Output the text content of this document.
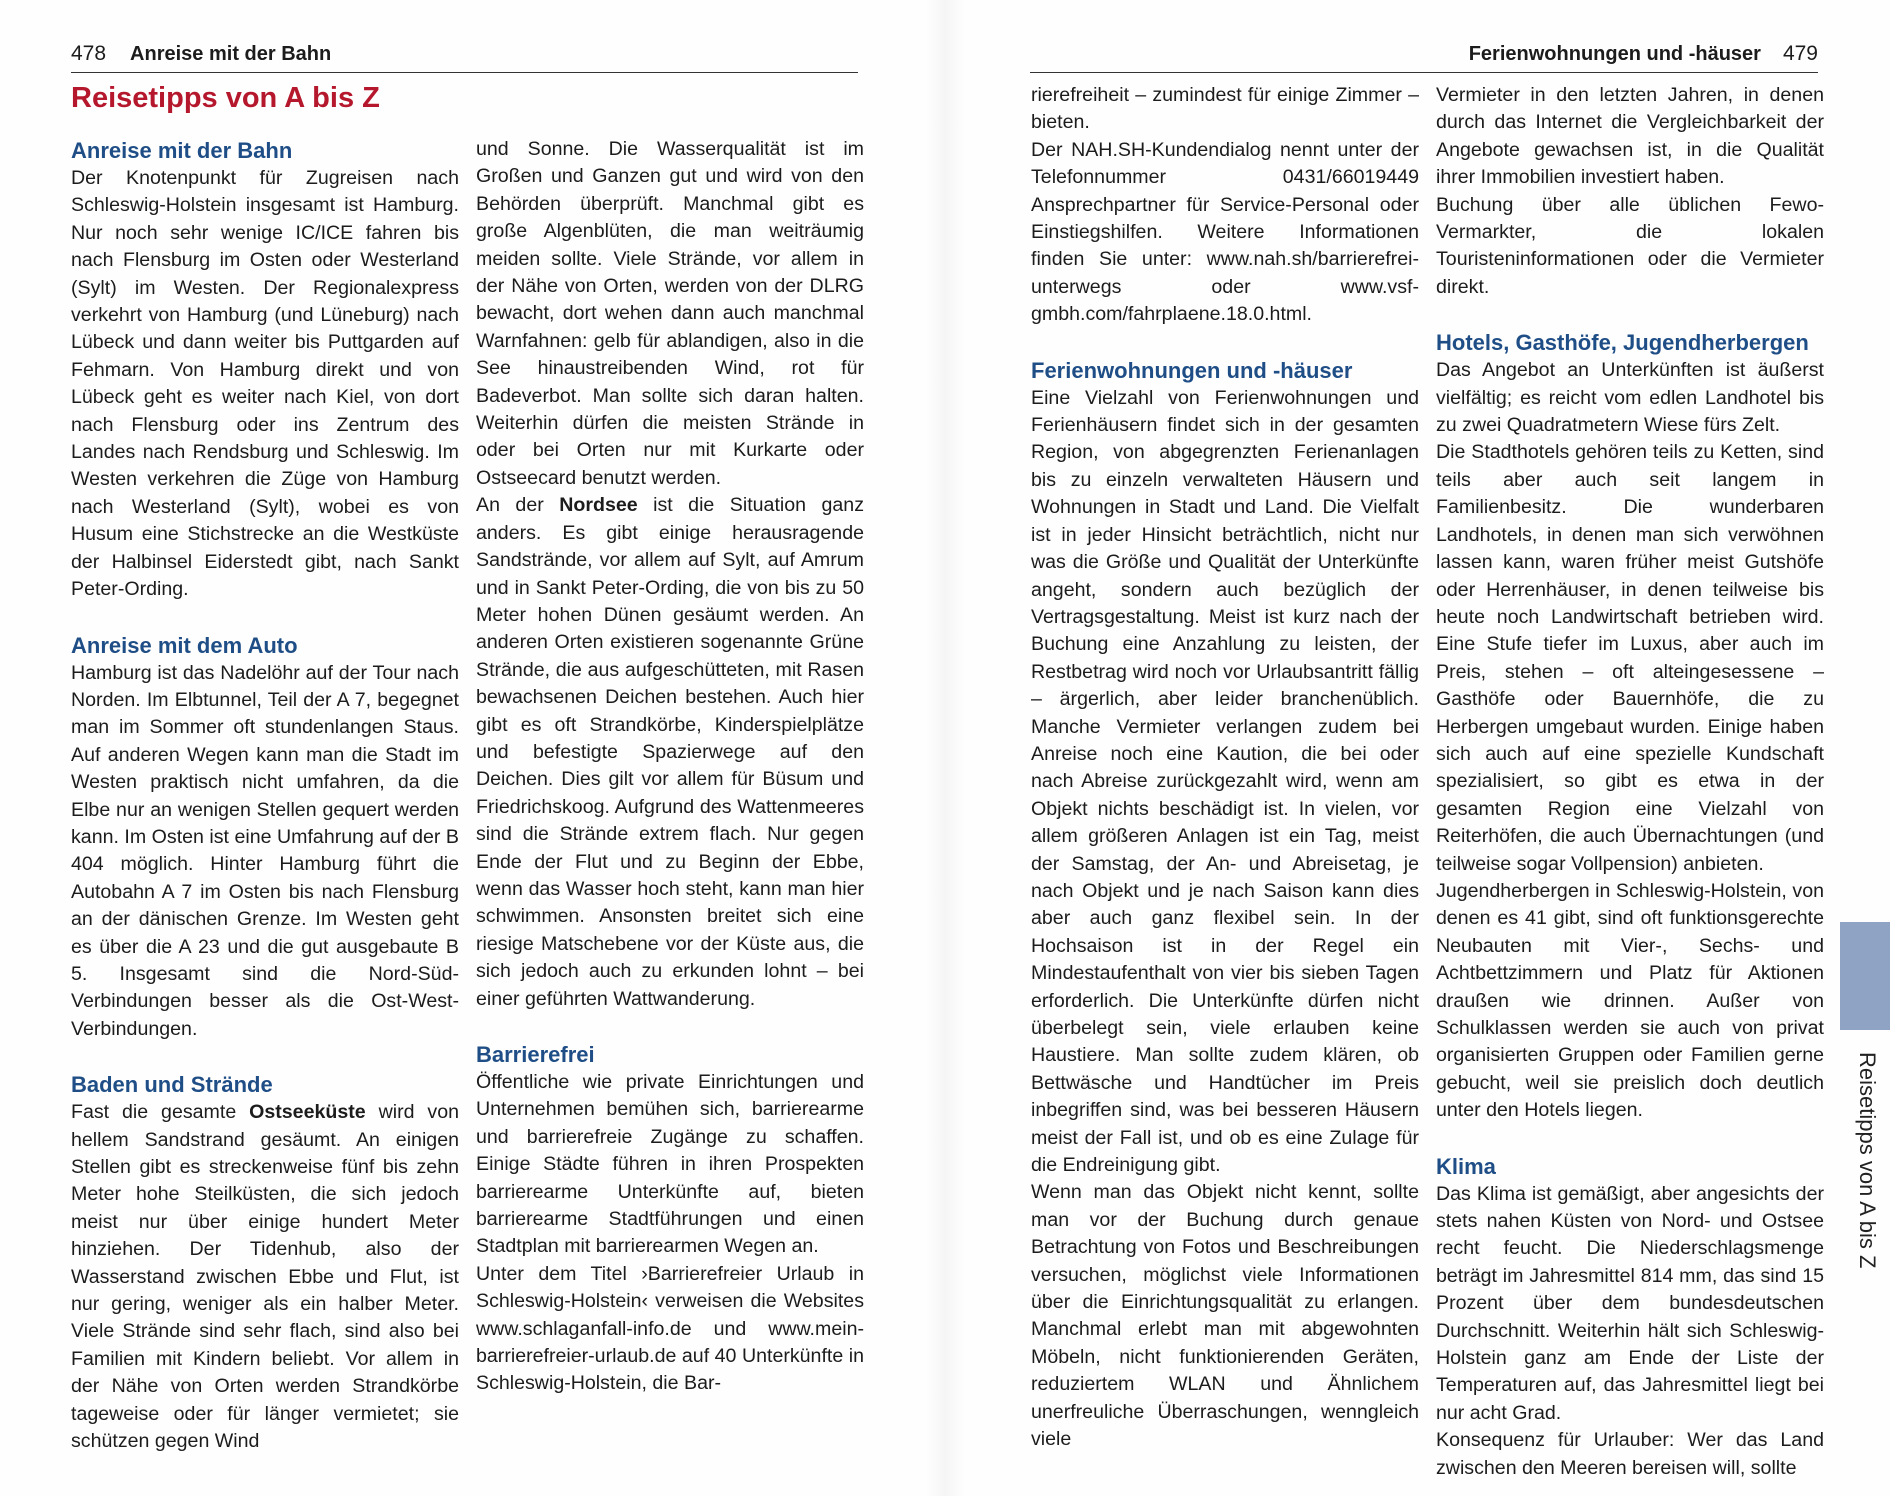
478 Anreise mit der Bahn	Ferienwohnungen und -häuser 479
Reisetipps von A bis Z
Anreise mit der Bahn

Der Knotenpunkt für Zugreisen nach Schleswig-Holstein insgesamt ist Hamburg. Nur noch sehr wenige IC/ICE fahren bis nach Flensburg im Osten oder Westerland (Sylt) im Westen. Der Regionalexpress verkehrt von Hamburg (und Lüneburg) nach Lübeck und dann weiter bis Puttgarden auf Fehmarn. Von Hamburg direkt und von Lübeck geht es weiter nach Kiel, von dort nach Flensburg oder ins Zentrum des Landes nach Rendsburg und Schleswig. Im Westen verkehren die Züge von Hamburg nach Westerland (Sylt), wobei es von Husum eine Stichstrecke an die Westküste der Halbinsel Eiderstedt gibt, nach Sankt Peter-Ording.

Anreise mit dem Auto

Hamburg ist das Nadelöhr auf der Tour nach Norden. Im Elbtunnel, Teil der A 7, begegnet man im Sommer oft stundenlangen Staus. Auf anderen Wegen kann man die Stadt im Westen praktisch nicht umfahren, da die Elbe nur an wenigen Stellen gequert werden kann. Im Osten ist eine Umfahrung auf der B 404 möglich. Hinter Hamburg führt die Autobahn A 7 im Osten bis nach Flensburg an der dänischen Grenze. Im Westen geht es über die A 23 und die gut ausgebaute B 5. Insgesamt sind die Nord-Süd-Verbindungen besser als die Ost-West-Verbindungen.

Baden und Strände

Fast die gesamte Ostseeküste wird von hellem Sandstrand gesäumt. An einigen Stellen gibt es streckenweise fünf bis zehn Meter hohe Steilküsten, die sich jedoch meist nur über einige hundert Meter hinziehen. Der Tidenhub, also der Wasserstand zwischen Ebbe und Flut, ist nur gering, weniger als ein halber Meter. Viele Strände sind sehr flach, sind also bei Familien mit Kindern beliebt. Vor allem in der Nähe von Orten werden Strandkörbe tageweise oder für länger vermietet; sie schützen gegen Wind

und Sonne. Die Wasserqualität ist im Großen und Ganzen gut und wird von den Behörden überprüft. Manchmal gibt es große Algenblüten, die man weiträumig meiden sollte. Viele Strände, vor allem in der Nähe von Orten, werden von der DLRG bewacht, dort wehen dann auch manchmal Warnfahnen: gelb für ablandigen, also in die See hinaustreibenden Wind, rot für Badeverbot. Man sollte sich daran halten. Weiterhin dürfen die meisten Strände in oder bei Orten nur mit Kurkarte oder Ostseecard benutzt werden.

An der Nordsee ist die Situation ganz anders. Es gibt einige herausragende Sandstrände, vor allem auf Sylt, auf Amrum und in Sankt Peter-Ording, die von bis zu 50 Meter hohen Dünen gesäumt werden. An anderen Orten existieren sogenannte Grüne Strände, die aus aufgeschütteten, mit Rasen bewachsenen Deichen bestehen. Auch hier gibt es oft Strandkörbe, Kinderspielplätze und befestigte Spazierwege auf den Deichen. Dies gilt vor allem für Büsum und Friedrichskoog. Aufgrund des Wattenmeeres sind die Strände extrem flach. Nur gegen Ende der Flut und zu Beginn der Ebbe, wenn das Wasser hoch steht, kann man hier schwimmen. Ansonsten breitet sich eine riesige Matschebene vor der Küste aus, die sich jedoch auch zu erkunden lohnt – bei einer geführten Wattwanderung.

Barrierefrei

Öffentliche wie private Einrichtungen und Unternehmen bemühen sich, barrierearme und barrierefreie Zugänge zu schaffen. Einige Städte führen in ihren Prospekten barrierearme Unterkünfte auf, bieten barrierearme Stadtführungen und einen Stadtplan mit barrierearmen Wegen an.

Unter dem Titel ›Barrierefreier Urlaub in Schleswig-Holstein‹ verweisen die Websites www.schlaganfall-info.de und www.mein-barrierefreier-urlaub.de auf 40 Unterkünfte in Schleswig-Holstein, die Bar-

rierefreiheit – zumindest für einige Zimmer – bieten.

Der NAH.SH-Kundendialog nennt unter der Telefonnummer 0431/66019449 Ansprechpartner für Service-Personal oder Einstiegshilfen. Weitere Informationen finden Sie unter: www.nah.sh/barrierefrei-unterwegs oder www.vsf-gmbh.com/fahrplaene.18.0.html.

Ferienwohnungen und -häuser

Eine Vielzahl von Ferienwohnungen und Ferienhäusern findet sich in der gesamten Region, von abgegrenzten Ferienanlagen bis zu einzeln verwalteten Häusern und Wohnungen in Stadt und Land. Die Vielfalt ist in jeder Hinsicht beträchtlich, nicht nur was die Größe und Qualität der Unterkünfte angeht, sondern auch bezüglich der Vertragsgestaltung. Meist ist kurz nach der Buchung eine Anzahlung zu leisten, der Restbetrag wird noch vor Urlaubsantritt fällig – ärgerlich, aber leider branchenüblich. Manche Vermieter verlangen zudem bei Anreise noch eine Kaution, die bei oder nach Abreise zurückgezahlt wird, wenn am Objekt nichts beschädigt ist. In vielen, vor allem größeren Anlagen ist ein Tag, meist der Samstag, der An- und Abreisetag, je nach Objekt und je nach Saison kann dies aber auch ganz flexibel sein. In der Hochsaison ist in der Regel ein Mindestaufenthalt von vier bis sieben Tagen erforderlich. Die Unterkünfte dürfen nicht überbelegt sein, viele erlauben keine Haustiere. Man sollte zudem klären, ob Bettwäsche und Handtücher im Preis inbegriffen sind, was bei besseren Häusern meist der Fall ist, und ob es eine Zulage für die Endreinigung gibt.

Wenn man das Objekt nicht kennt, sollte man vor der Buchung durch genaue Betrachtung von Fotos und Beschreibungen versuchen, möglichst viele Informationen über die Einrichtungsqualität zu erlangen. Manchmal erlebt man mit abgewohnten Möbeln, nicht funktionierenden Geräten, reduziertem WLAN und Ähnlichem unerfreuliche Überraschungen, wenngleich viele

Vermieter in den letzten Jahren, in denen durch das Internet die Vergleichbarkeit der Angebote gewachsen ist, in die Qualität ihrer Immobilien investiert haben.

Buchung über alle üblichen Fewo-Vermarkter, die lokalen Touristeninformationen oder die Vermieter direkt.

Hotels, Gasthöfe, Jugendherbergen

Das Angebot an Unterkünften ist äußerst vielfältig; es reicht vom edlen Landhotel bis zu zwei Quadratmetern Wiese fürs Zelt.

Die Stadthotels gehören teils zu Ketten, sind teils aber auch seit langem in Familienbesitz. Die wunderbaren Landhotels, in denen man sich verwöhnen lassen kann, waren früher meist Gutshöfe oder Herrenhäuser, in denen teilweise bis heute noch Landwirtschaft betrieben wird. Eine Stufe tiefer im Luxus, aber auch im Preis, stehen – oft alteingesessene – Gasthöfe oder Bauernhöfe, die zu Herbergen umgebaut wurden. Einige haben sich auch auf eine spezielle Kundschaft spezialisiert, so gibt es etwa in der gesamten Region eine Vielzahl von Reiterhöfen, die auch Übernachtungen (und teilweise sogar Vollpension) anbieten.

Jugendherbergen in Schleswig-Holstein, von denen es 41 gibt, sind oft funktionsgerechte Neubauten mit Vier-, Sechs- und Achtbettzimmern und Platz für Aktionen draußen wie drinnen. Außer von Schulklassen werden sie auch von privat organisierten Gruppen oder Familien gerne gebucht, weil sie preislich doch deutlich unter den Hotels liegen.

Klima

Das Klima ist gemäßigt, aber angesichts der stets nahen Küsten von Nord- und Ostsee recht feucht. Die Niederschlagsmenge beträgt im Jahresmittel 814 mm, das sind 15 Prozent über dem bundesdeutschen Durchschnitt. Weiterhin hält sich Schleswig-Holstein ganz am Ende der Liste der Temperaturen auf, das Jahresmittel liegt bei nur acht Grad.

Konsequenz für Urlauber: Wer das Land zwischen den Meeren bereisen will, sollte

Reisetipps von A bis Z
